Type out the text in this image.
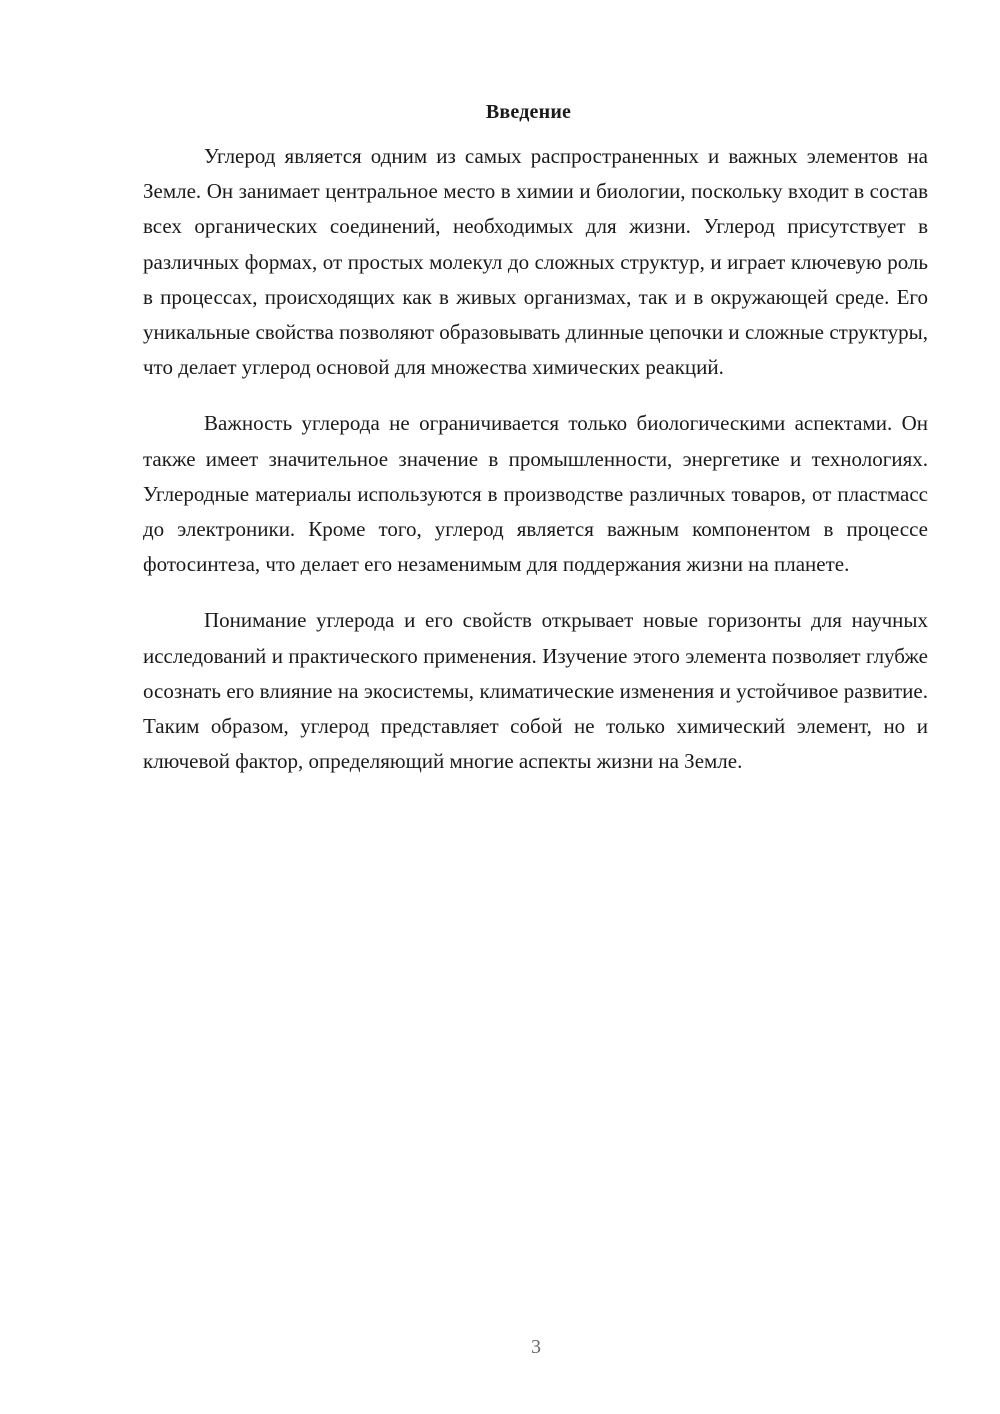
Введение

Углерод является одним из самых распространенных и важных элементов на Земле. Он занимает центральное место в химии и биологии, поскольку входит в состав всех органических соединений, необходимых для жизни. Углерод присутствует в различных формах, от простых молекул до сложных структур, и играет ключевую роль в процессах, происходящих как в живых организмах, так и в окружающей среде. Его уникальные свойства позволяют образовывать длинные цепочки и сложные структуры, что делает углерод основой для множества химических реакций.

Важность углерода не ограничивается только биологическими аспектами. Он также имеет значительное значение в промышленности, энергетике и технологиях. Углеродные материалы используются в производстве различных товаров, от пластмасс до электроники. Кроме того, углерод является важным компонентом в процессе фотосинтеза, что делает его незаменимым для поддержания жизни на планете.

Понимание углерода и его свойств открывает новые горизонты для научных исследований и практического применения. Изучение этого элемента позволяет глубже осознать его влияние на экосистемы, климатические изменения и устойчивое развитие. Таким образом, углерод представляет собой не только химический элемент, но и ключевой фактор, определяющий многие аспекты жизни на Земле.

3
